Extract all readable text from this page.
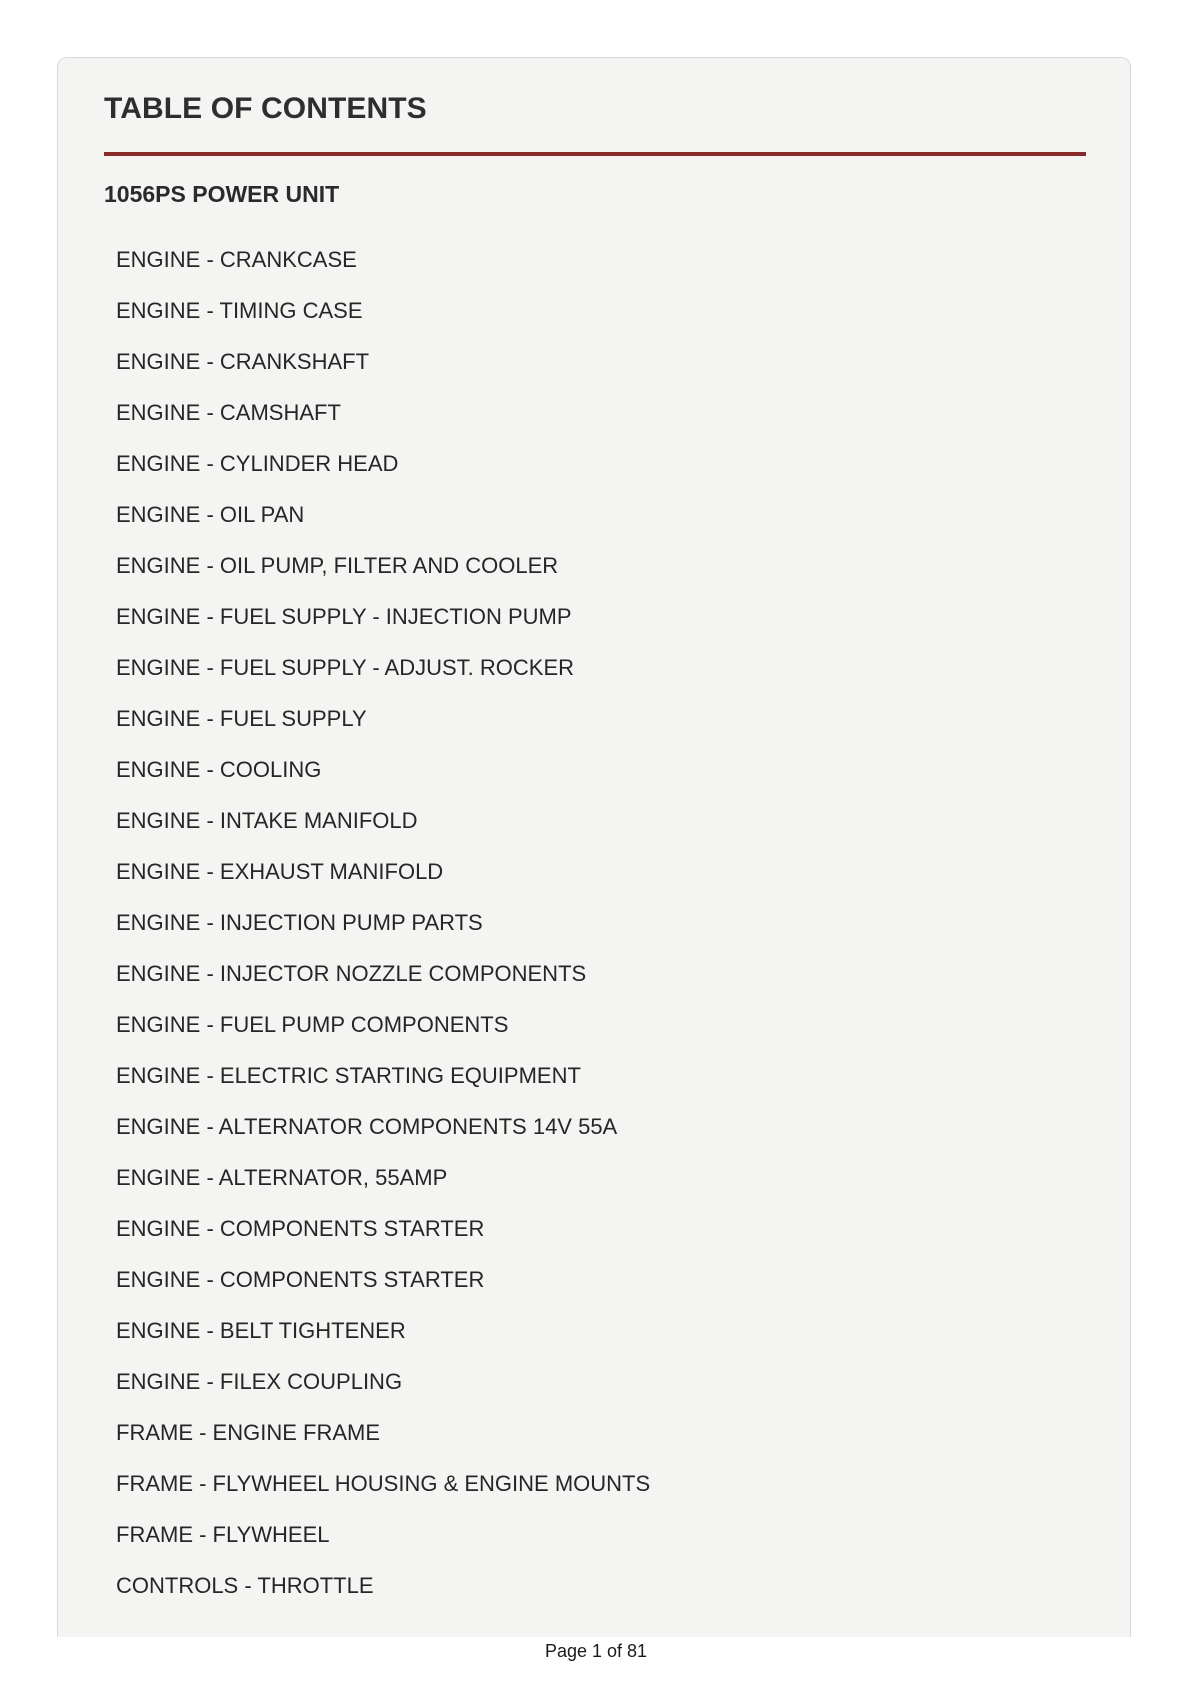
TABLE OF CONTENTS
1056PS POWER UNIT
ENGINE - CRANKCASE
ENGINE - TIMING CASE
ENGINE - CRANKSHAFT
ENGINE - CAMSHAFT
ENGINE - CYLINDER HEAD
ENGINE - OIL PAN
ENGINE - OIL PUMP, FILTER AND COOLER
ENGINE - FUEL SUPPLY - INJECTION PUMP
ENGINE - FUEL SUPPLY - ADJUST. ROCKER
ENGINE - FUEL SUPPLY
ENGINE - COOLING
ENGINE - INTAKE MANIFOLD
ENGINE - EXHAUST MANIFOLD
ENGINE - INJECTION PUMP PARTS
ENGINE - INJECTOR NOZZLE COMPONENTS
ENGINE - FUEL PUMP COMPONENTS
ENGINE - ELECTRIC STARTING EQUIPMENT
ENGINE - ALTERNATOR COMPONENTS 14V 55A
ENGINE - ALTERNATOR, 55AMP
ENGINE - COMPONENTS STARTER
ENGINE - COMPONENTS STARTER
ENGINE - BELT TIGHTENER
ENGINE - FILEX COUPLING
FRAME - ENGINE FRAME
FRAME - FLYWHEEL HOUSING & ENGINE MOUNTS
FRAME - FLYWHEEL
CONTROLS - THROTTLE
Page 1 of 81
